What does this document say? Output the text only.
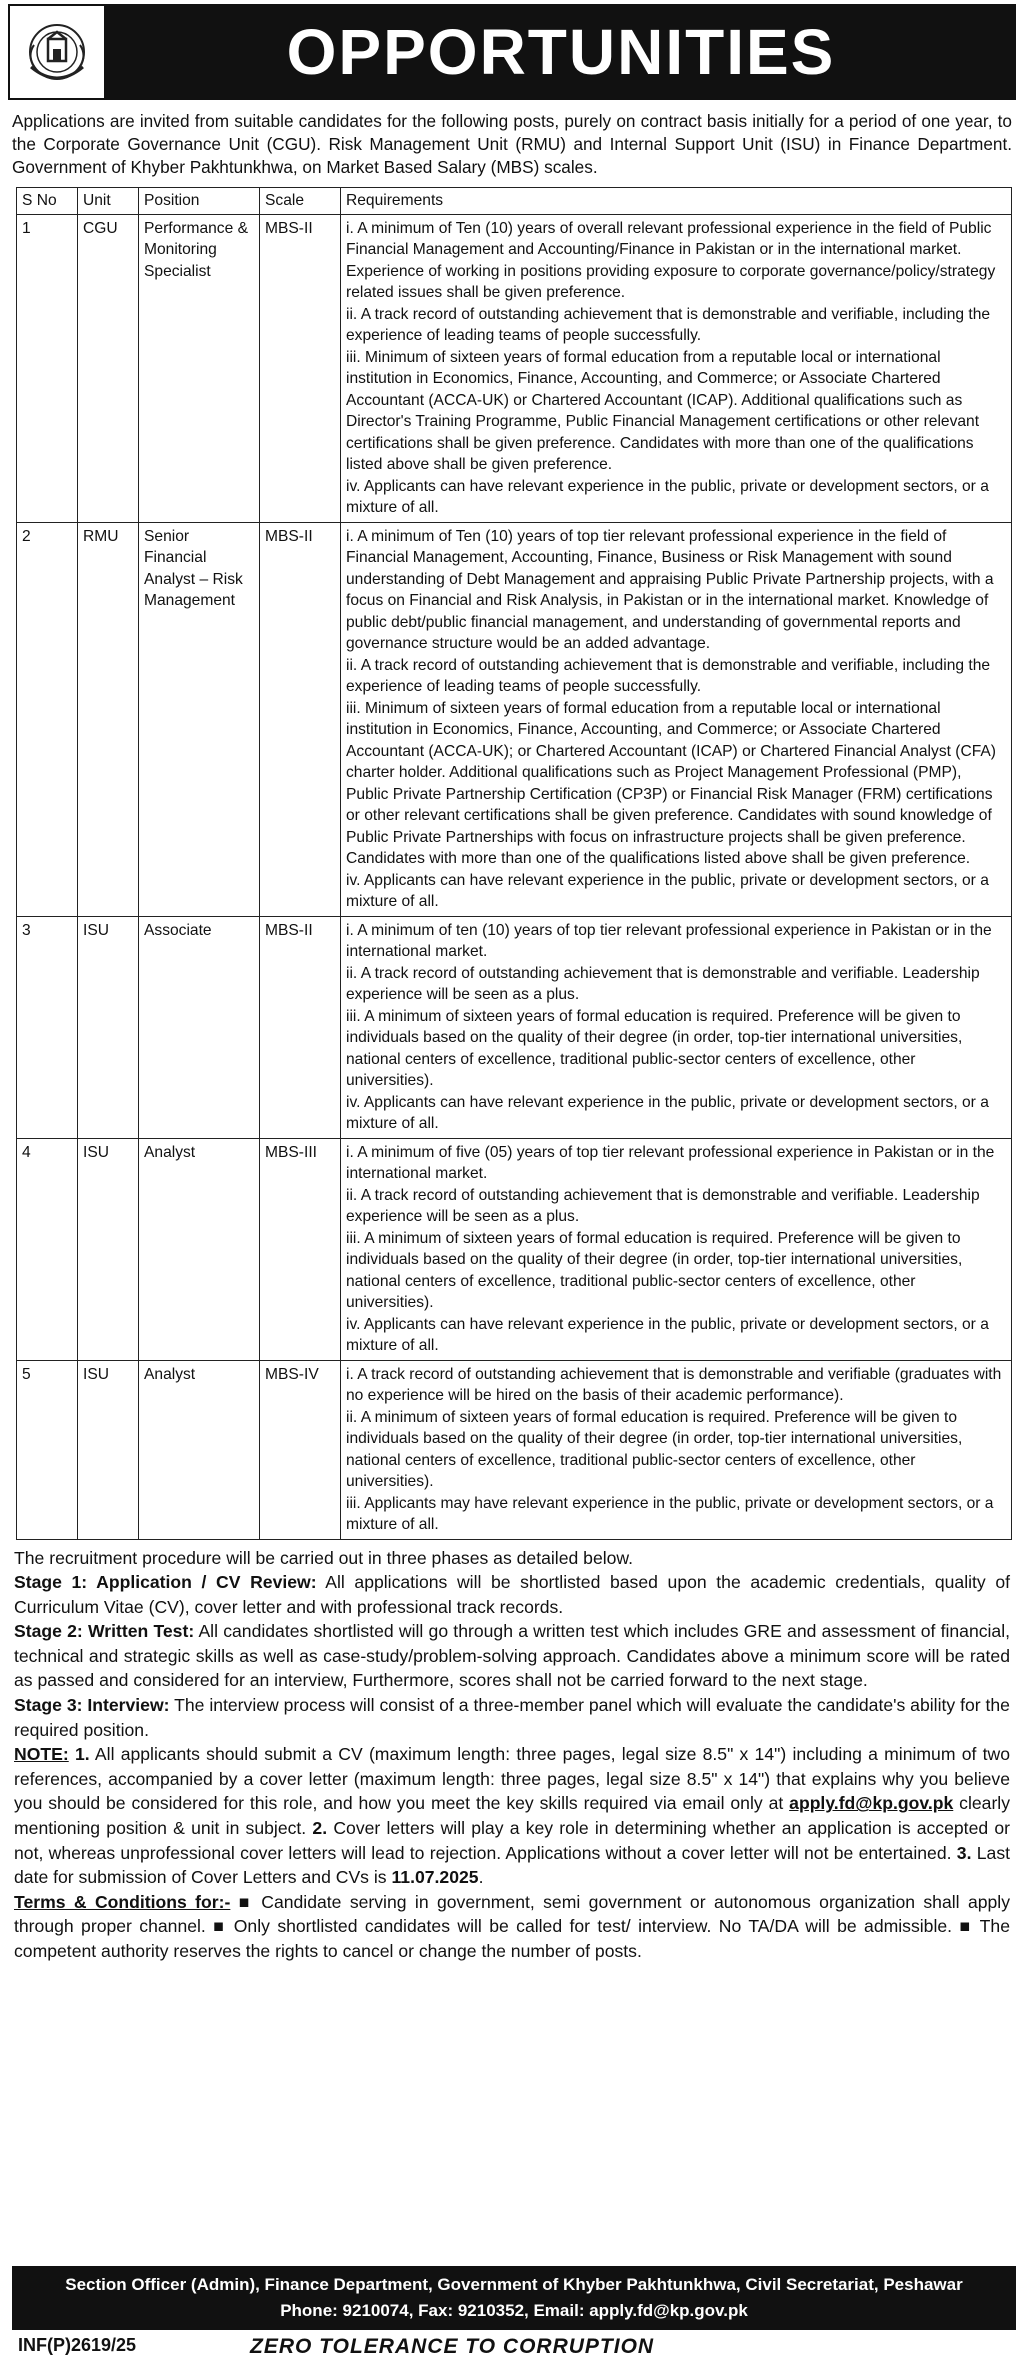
OPPORTUNITIES
Applications are invited from suitable candidates for the following posts, purely on contract basis initially for a period of one year, to the Corporate Governance Unit (CGU). Risk Management Unit (RMU) and Internal Support Unit (ISU) in Finance Department. Government of Khyber Pakhtunkhwa, on Market Based Salary (MBS) scales.
S No	Unit	Position	Scale	Requirements
1	CGU	Performance & Monitoring Specialist	MBS-II	i. A minimum of Ten (10) years of overall relevant professional experience in the field of Public Financial Management and Accounting/Finance in Pakistan or in the international market. Experience of working in positions providing exposure to corporate governance/policy/strategy related issues shall be given preference.

ii. A track record of outstanding achievement that is demonstrable and verifiable, including the experience of leading teams of people successfully.

iii. Minimum of sixteen years of formal education from a reputable local or international institution in Economics, Finance, Accounting, and Commerce; or Associate Chartered Accountant (ACCA-UK) or Chartered Accountant (ICAP). Additional qualifications such as Director's Training Programme, Public Financial Management certifications or other relevant certifications shall be given preference. Candidates with more than one of the qualifications listed above shall be given preference.

iv. Applicants can have relevant experience in the public, private or development sectors, or a mixture of all.

2	RMU	Senior Financial Analyst – Risk Management	MBS-II	i. A minimum of Ten (10) years of top tier relevant professional experience in the field of Financial Management, Accounting, Finance, Business or Risk Management with sound understanding of Debt Management and appraising Public Private Partnership projects, with a focus on Financial and Risk Analysis, in Pakistan or in the international market. Knowledge of public debt/public financial management, and understanding of governmental reports and governance structure would be an added advantage.

ii. A track record of outstanding achievement that is demonstrable and verifiable, including the experience of leading teams of people successfully.

iii. Minimum of sixteen years of formal education from a reputable local or international institution in Economics, Finance, Accounting, and Commerce; or Associate Chartered Accountant (ACCA-UK); or Chartered Accountant (ICAP) or Chartered Financial Analyst (CFA) charter holder. Additional qualifications such as Project Management Professional (PMP), Public Private Partnership Certification (CP3P) or Financial Risk Manager (FRM) certifications or other relevant certifications shall be given preference. Candidates with sound knowledge of Public Private Partnerships with focus on infrastructure projects shall be given preference. Candidates with more than one of the qualifications listed above shall be given preference.

iv. Applicants can have relevant experience in the public, private or development sectors, or a mixture of all.

3	ISU	Associate	MBS-II	i. A minimum of ten (10) years of top tier relevant professional experience in Pakistan or in the international market.

ii. A track record of outstanding achievement that is demonstrable and verifiable. Leadership experience will be seen as a plus.

iii. A minimum of sixteen years of formal education is required. Preference will be given to individuals based on the quality of their degree (in order, top-tier international universities, national centers of excellence, traditional public-sector centers of excellence, other universities).

iv. Applicants can have relevant experience in the public, private or development sectors, or a mixture of all.

4	ISU	Analyst	MBS-III	i. A minimum of five (05) years of top tier relevant professional experience in Pakistan or in the international market.

ii. A track record of outstanding achievement that is demonstrable and verifiable. Leadership experience will be seen as a plus.

iii. A minimum of sixteen years of formal education is required. Preference will be given to individuals based on the quality of their degree (in order, top-tier international universities, national centers of excellence, traditional public-sector centers of excellence, other universities).

iv. Applicants can have relevant experience in the public, private or development sectors, or a mixture of all.

5	ISU	Analyst	MBS-IV	i. A track record of outstanding achievement that is demonstrable and verifiable (graduates with no experience will be hired on the basis of their academic performance).

ii. A minimum of sixteen years of formal education is required. Preference will be given to individuals based on the quality of their degree (in order, top-tier international universities, national centers of excellence, traditional public-sector centers of excellence, other universities).

iii. Applicants may have relevant experience in the public, private or development sectors, or a mixture of all.

The recruitment procedure will be carried out in three phases as detailed below.

Stage 1: Application / CV Review: All applications will be shortlisted based upon the academic credentials, quality of Curriculum Vitae (CV), cover letter and with professional track records.

Stage 2: Written Test: All candidates shortlisted will go through a written test which includes GRE and assessment of financial, technical and strategic skills as well as case-study/problem-solving approach. Candidates above a minimum score will be rated as passed and considered for an interview, Furthermore, scores shall not be carried forward to the next stage.

Stage 3: Interview: The interview process will consist of a three-member panel which will evaluate the candidate's ability for the required position.

NOTE: 1. All applicants should submit a CV (maximum length: three pages, legal size 8.5" x 14") including a minimum of two references, accompanied by a cover letter (maximum length: three pages, legal size 8.5" x 14") that explains why you believe you should be considered for this role, and how you meet the key skills required via email only at apply.fd@kp.gov.pk clearly mentioning position & unit in subject. 2. Cover letters will play a key role in determining whether an application is accepted or not, whereas unprofessional cover letters will lead to rejection. Applications without a cover letter will not be entertained. 3. Last date for submission of Cover Letters and CVs is 11.07.2025.

Terms & Conditions for:- ■ Candidate serving in government, semi government or autonomous organization shall apply through proper channel. ■ Only shortlisted candidates will be called for test/ interview. No TA/DA will be admissible. ■ The competent authority reserves the rights to cancel or change the number of posts.

Section Officer (Admin), Finance Department, Government of Khyber Pakhtunkhwa, Civil Secretariat, Peshawar
Phone: 9210074, Fax: 9210352, Email: apply.fd@kp.gov.pk
INF(P)2619/25	ZERO TOLERANCE TO CORRUPTION
